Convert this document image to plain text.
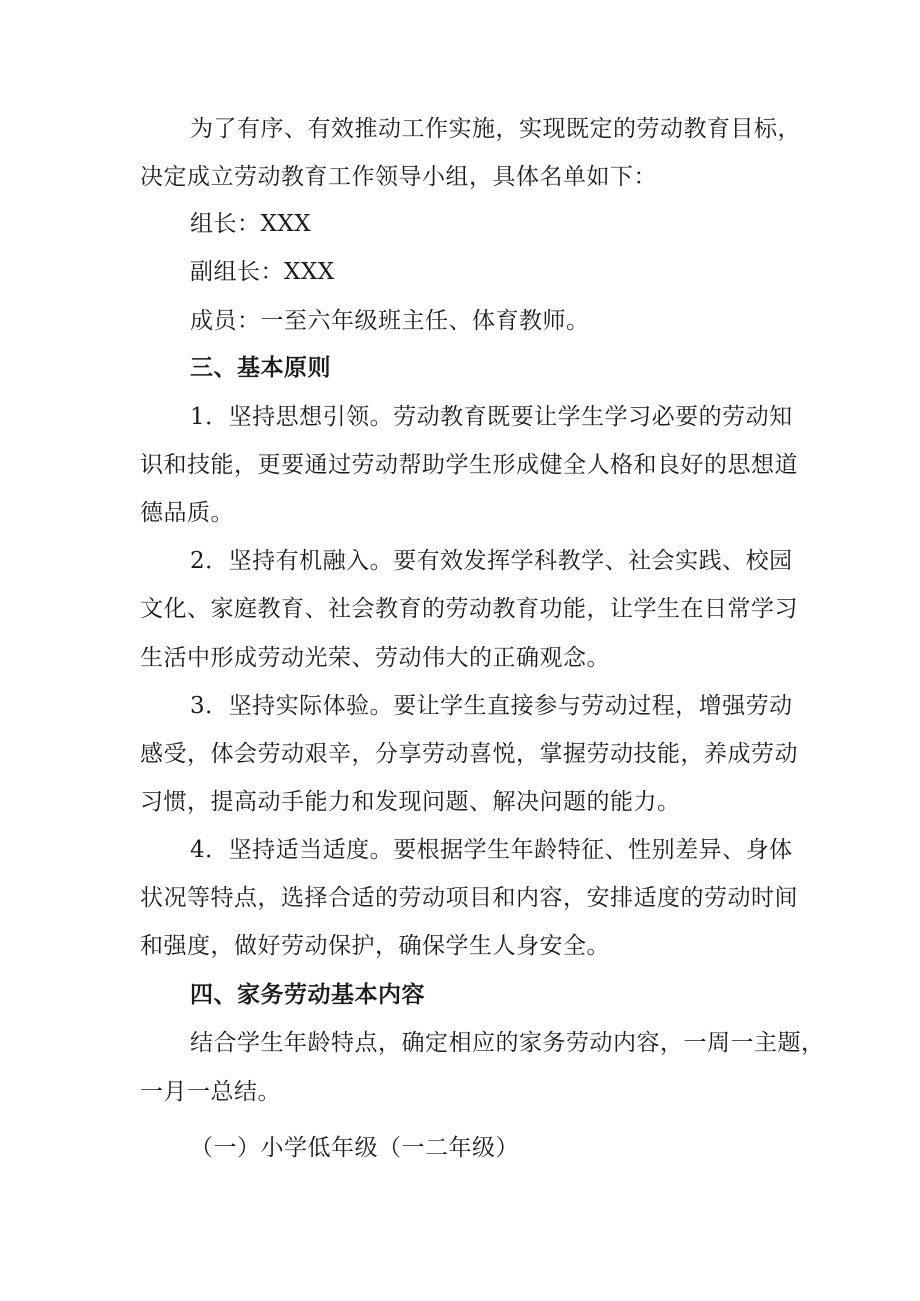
为了有序、有效推动工作实施，实现既定的劳动教育目标，
决定成立劳动教育工作领导小组，具体名单如下：
组长：XXX
副组长：XXX
成员：一至六年级班主任、体育教师。
三、基本原则
1．坚持思想引领。劳动教育既要让学生学习必要的劳动知
识和技能，更要通过劳动帮助学生形成健全人格和良好的思想道
德品质。
2．坚持有机融入。要有效发挥学科教学、社会实践、校园
文化、家庭教育、社会教育的劳动教育功能，让学生在日常学习
生活中形成劳动光荣、劳动伟大的正确观念。
3．坚持实际体验。要让学生直接参与劳动过程，增强劳动
感受，体会劳动艰辛，分享劳动喜悦，掌握劳动技能，养成劳动
习惯，提高动手能力和发现问题、解决问题的能力。
4．坚持适当适度。要根据学生年龄特征、性别差异、身体
状况等特点，选择合适的劳动项目和内容，安排适度的劳动时间
和强度，做好劳动保护，确保学生人身安全。
四、家务劳动基本内容
结合学生年龄特点，确定相应的家务劳动内容，一周一主题，
一月一总结。
（一）小学低年级（一二年级）
